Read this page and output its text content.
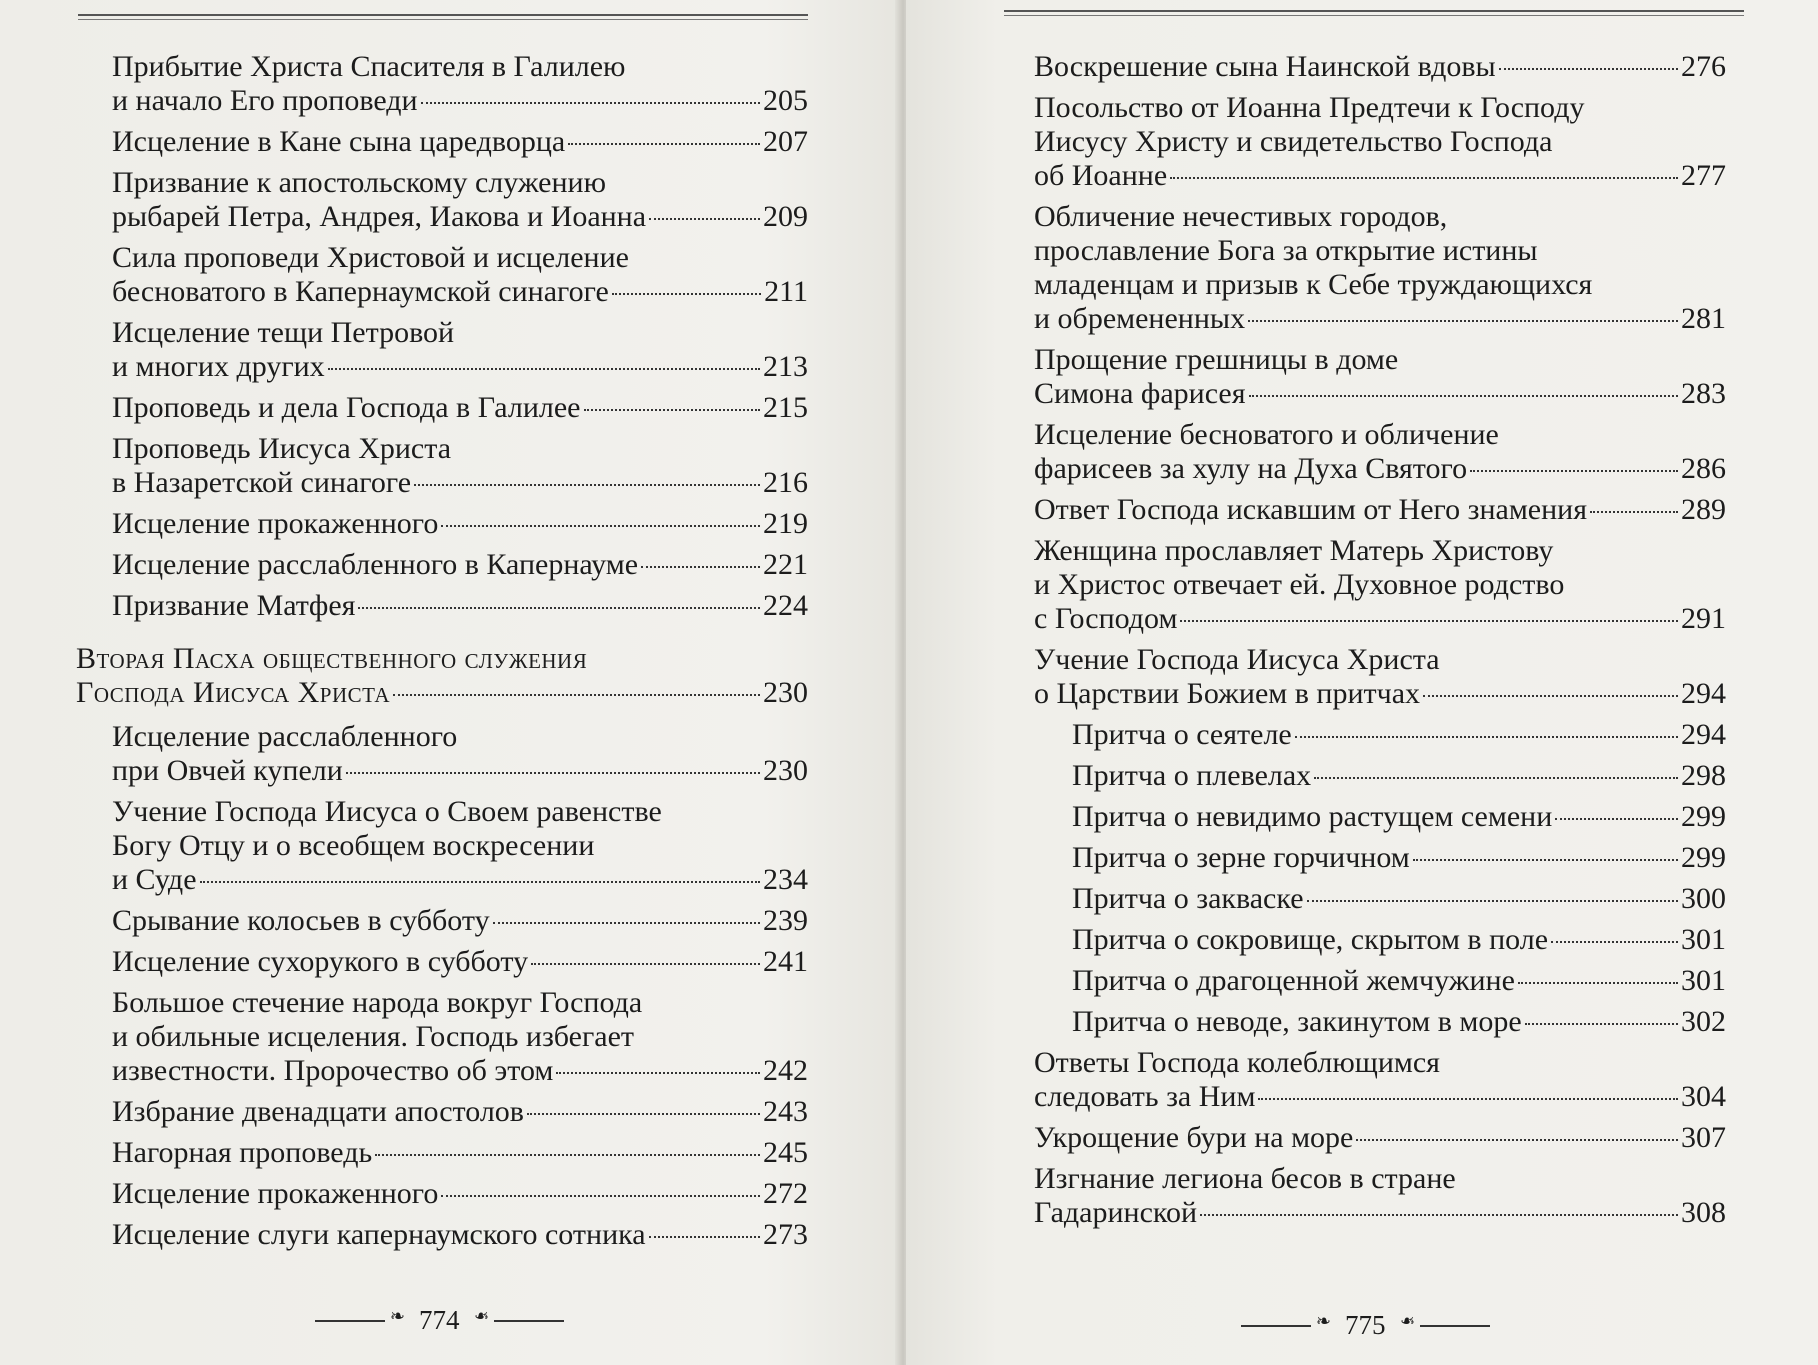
Прибытие Христа Спасителя в Галилею
и начало Его проповеди	205
Исцеление в Кане сына царедворца	207
Призвание к апостольскому служению
рыбарей Петра, Андрея, Иакова и Иоанна	209
Сила проповеди Христовой и исцеление
бесноватого в Капернаумской синагоге	211
Исцеление тещи Петровой
и многих других	213
Проповедь и дела Господа в Галилее	215
Проповедь Иисуса Христа
в Назаретской синагоге	216
Исцеление прокаженного	219
Исцеление расслабленного в Капернауме	221
Призвание Матфея	224
Вторая Пасха общественного служения
Господа Иисуса Христа	230
Исцеление расслабленного
при Овчей купели	230
Учение Господа Иисуса о Своем равенстве
Богу Отцу и о всеобщем воскресении
и Суде	234
Срывание колосьев в субботу	239
Исцеление сухорукого в субботу	241
Большое стечение народа вокруг Господа
и обильные исцеления. Господь избегает
известности. Пророчество об этом	242
Избрание двенадцати апостолов	243
Нагорная проповедь	245
Исцеление прокаженного	272
Исцеление слуги капернаумского сотника	273
❧
774
❧
Воскрешение сына Наинской вдовы	276
Посольство от Иоанна Предтечи к Господу
Иисусу Христу и свидетельство Господа
об Иоанне	277
Обличение нечестивых городов,
прославление Бога за открытие истины
младенцам и призыв к Себе труждающихся
и обремененных	281
Прощение грешницы в доме
Симона фарисея	283
Исцеление бесноватого и обличение
фарисеев за хулу на Духа Святого	286
Ответ Господа искавшим от Него знамения	289
Женщина прославляет Матерь Христову
и Христос отвечает ей. Духовное родство
с Господом	291
Учение Господа Иисуса Христа
о Царствии Божием в притчах	294
Притча о сеятеле	294
Притча о плевелах	298
Притча о невидимо растущем семени	299
Притча о зерне горчичном	299
Притча о закваске	300
Притча о сокровище, скрытом в поле	301
Притча о драгоценной жемчужине	301
Притча о неводе, закинутом в море	302
Ответы Господа колеблющимся
следовать за Ним	304
Укрощение бури на море	307
Изгнание легиона бесов в стране
Гадаринской	308
❧
775
❧
